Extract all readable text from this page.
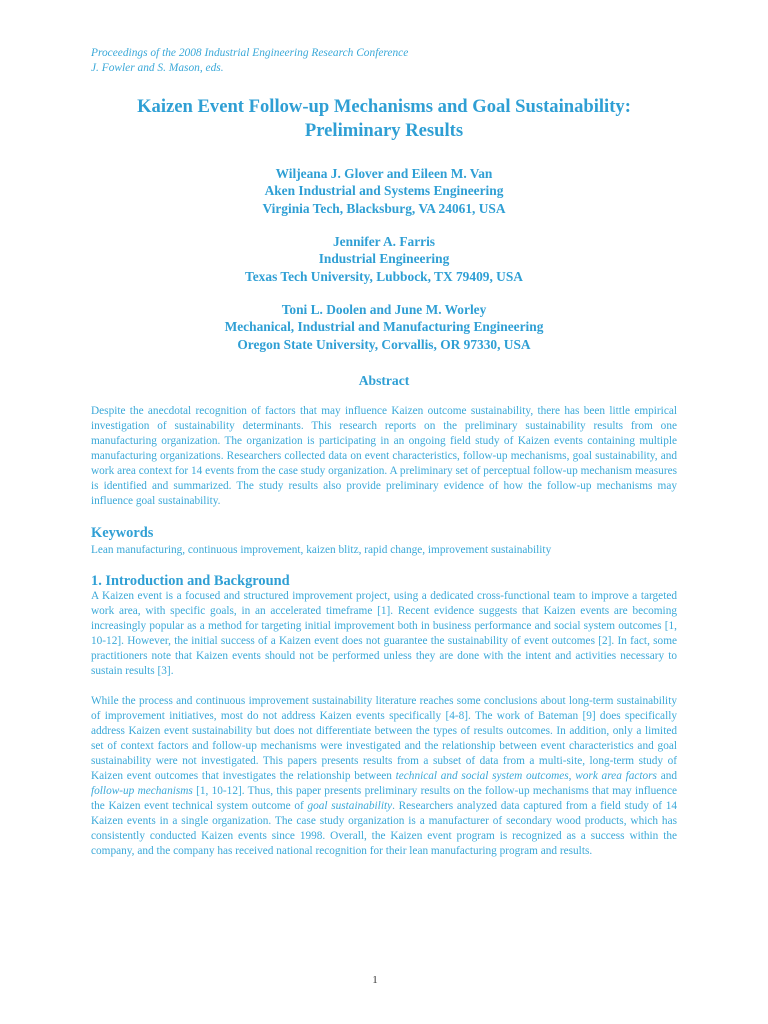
Proceedings of the 2008 Industrial Engineering Research Conference
J. Fowler and S. Mason, eds.
Kaizen Event Follow-up Mechanisms and Goal Sustainability:
Preliminary Results
Wiljeana J. Glover and Eileen M. Van
Aken Industrial and Systems Engineering
Virginia Tech, Blacksburg, VA 24061, USA
Jennifer A. Farris
Industrial Engineering
Texas Tech University, Lubbock, TX 79409, USA
Toni L. Doolen and June M. Worley
Mechanical, Industrial and Manufacturing Engineering
Oregon State University, Corvallis, OR 97330, USA
Abstract

Despite the anecdotal recognition of factors that may influence Kaizen outcome sustainability, there has been little empirical investigation of sustainability determinants. This research reports on the preliminary sustainability results from one manufacturing organization. The organization is participating in an ongoing field study of Kaizen events containing multiple manufacturing organizations. Researchers collected data on event characteristics, follow-up mechanisms, goal sustainability, and work area context for 14 events from the case study organization. A preliminary set of perceptual follow-up mechanism measures is identified and summarized. The study results also provide preliminary evidence of how the follow-up mechanisms may influence goal sustainability.

Keywords
Lean manufacturing, continuous improvement, kaizen blitz, rapid change, improvement sustainability
1. Introduction and Background

A Kaizen event is a focused and structured improvement project, using a dedicated cross-functional team to improve a targeted work area, with specific goals, in an accelerated timeframe [1]. Recent evidence suggests that Kaizen events are becoming increasingly popular as a method for targeting initial improvement both in business performance and social system outcomes [1, 10-12]. However, the initial success of a Kaizen event does not guarantee the sustainability of event outcomes [2]. In fact, some practitioners note that Kaizen events should not be performed unless they are done with the intent and activities necessary to sustain results [3].

While the process and continuous improvement sustainability literature reaches some conclusions about long-term sustainability of improvement initiatives, most do not address Kaizen events specifically [4-8]. The work of Bateman [9] does specifically address Kaizen event sustainability but does not differentiate between the types of results outcomes. In addition, only a limited set of context factors and follow-up mechanisms were investigated and the relationship between event characteristics and goal sustainability were not investigated. This papers presents results from a subset of data from a multi-site, long-term study of Kaizen event outcomes that investigates the relationship between technical and social system outcomes, work area factors and follow-up mechanisms [1, 10-12]. Thus, this paper presents preliminary results on the follow-up mechanisms that may influence the Kaizen event technical system outcome of goal sustainability. Researchers analyzed data captured from a field study of 14 Kaizen events in a single organization. The case study organization is a manufacturer of secondary wood products, which has consistently conducted Kaizen events since 1998. Overall, the Kaizen event program is recognized as a success within the company, and the company has received national recognition for their lean manufacturing program and results.

1
